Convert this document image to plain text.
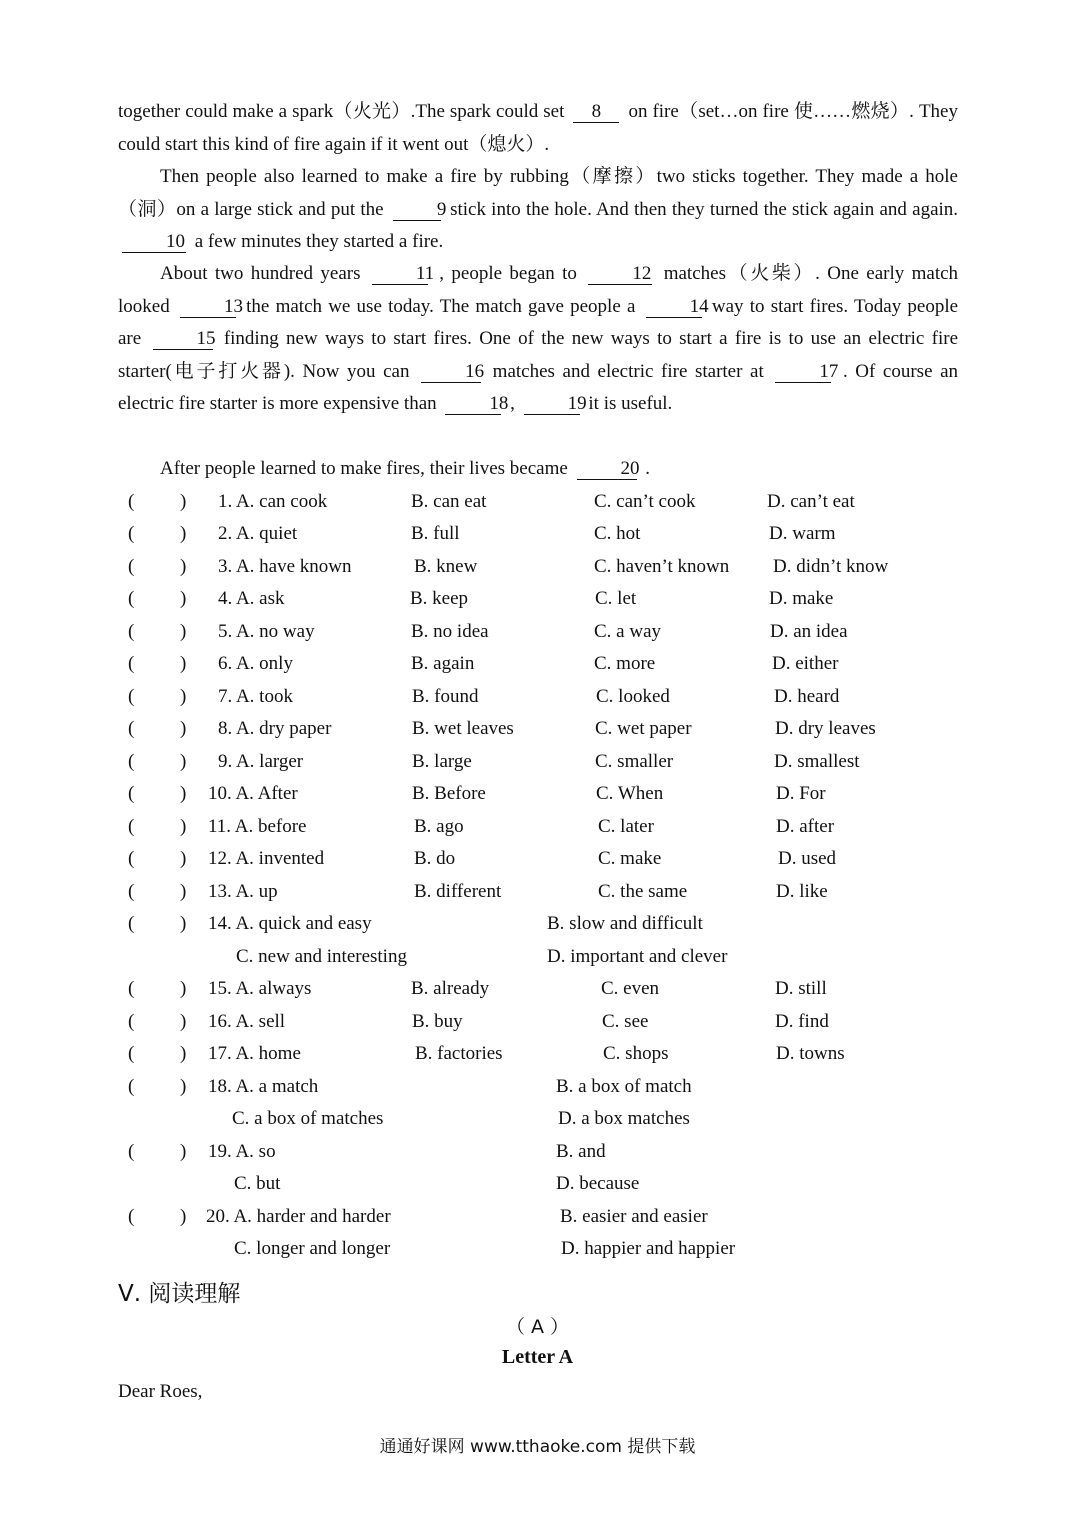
together could make a spark（火光）.The spark could set 8 on fire（set…on fire 使……燃烧）. They could start this kind of fire again if it went out（熄火）.

Then people also learned to make a fire by rubbing（摩擦）two sticks together. They made a hole（洞）on a large stick and put the	9 stick into the hole. And then they turned the stick again and again. 10 a few minutes they started a fire.

About two hundred years	11 , people began to	12 matches（火柴）. One early match looked	13 the match we use today. The match gave people a	14 way to start fires. Today people are	15 finding new ways to start fires. One of the new ways to start a fire is to use an electric fire starter(电子打火器). Now you can	16 matches and electric fire starter at	17 . Of course an electric fire starter is more expensive than	18 ,	19 it is useful.

After people learned to make fires, their lives became	20 .

( ) 1. A. can cook	B. can eat	C. can’t cook	D. can’t eat
( ) 2. A. quiet	B. full	C. hot	D. warm
( ) 3. A. have known	B. knew	C. haven’t known D. didn’t know
( ) 4. A. ask	B. keep	C. let	D. make
( ) 5. A. no way	B. no idea	C. a way	D. an idea
( ) 6. A. only	B. again	C. more	D. either
( ) 7. A. took	B. found	C. looked	D. heard
( ) 8. A. dry paper	B. wet leaves	C. wet paper	D. dry leaves
( ) 9. A. larger	B. large	C. smaller	D. smallest
( ) 10. A. After	B. Before	C. When	D. For
( ) 11. A. before	B. ago	C. later	D. after
( ) 12. A. invented	B. do	C. make	D. used
( ) 13. A. up	B. different	C. the same	D. like
( ) 14. A. quick and easy	B. slow and difficult
C. new and interesting	D. important and clever
( ) 15. A. always	B. already	C. even	D. still
( ) 16. A. sell	B. buy	C. see	D. find
( ) 17. A. home	B. factories	C. shops	D. towns
( ) 18. A. a match	B. a box of match
C. a box of matches	D. a box matches
( ) 19. A. so	B. and
C. but	D. because
( ) 20. A. harder and harder	B. easier and easier
C. longer and longer	D. happier and happier
Ⅴ. 阅读理解
（ A ）
Letter A
Dear Roes,
通通好课网 www.tthaoke.com 提供下载
